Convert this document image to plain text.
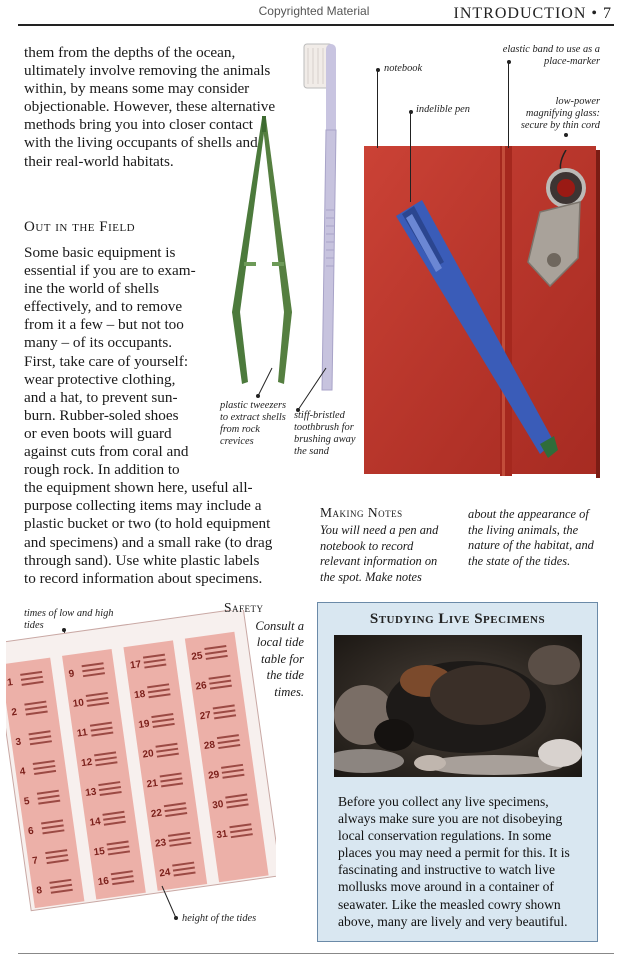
Copyrighted Material	INTRODUCTION • 7
them from the depths of the ocean, ultimately involve removing the animals within, by means some may consider objectionable. However, these alternative methods bring you into closer contact with the living occupants of shells and their real-world habitats.
Out in the Field
Some basic equipment is
essential if you are to exam-
ine the world of shells
effectively, and to remove
from it a few – but not too
many – of its occupants.
First, take care of yourself:
wear protective clothing,
and a hat, to prevent sun-
burn. Rubber-soled shoes
or even boots will guard
against cuts from coral and
rough rock. In addition to
the equipment shown here, useful all-
purpose collecting items may include a
plastic bucket or two (to hold equipment
and specimens) and a small rake (to drag
through sand). Use white plastic labels
to record information about specimens.
notebook
elastic band to use as a place-marker
indelible pen
low-power magnifying glass: secure by thin cord
plastic tweezers to extract shells from rock crevices
stiff-bristled toothbrush for brushing away the sand
Making Notes
You will need a pen and notebook to record relevant information on the spot. Make notes
about the appearance of the living animals, the nature of the habitat, and the state of the tides.
times of low and high tides
1
2
3
4
5
6
7
8
9
10
11
12
13
14
15
16
17
18
19
20
21
22
23
24
25
26
27
28
29
30
31
height of the tides
Safety
Consult a local tide table for the tide times.
Studying Live Specimens
Before you collect any live specimens, always make sure you are not disobeying local conservation regulations. In some places you may need a permit for this. It is fascinating and instructive to watch live mollusks move around in a container of seawater. Like the measled cowry shown above, many are lively and very beautiful.
